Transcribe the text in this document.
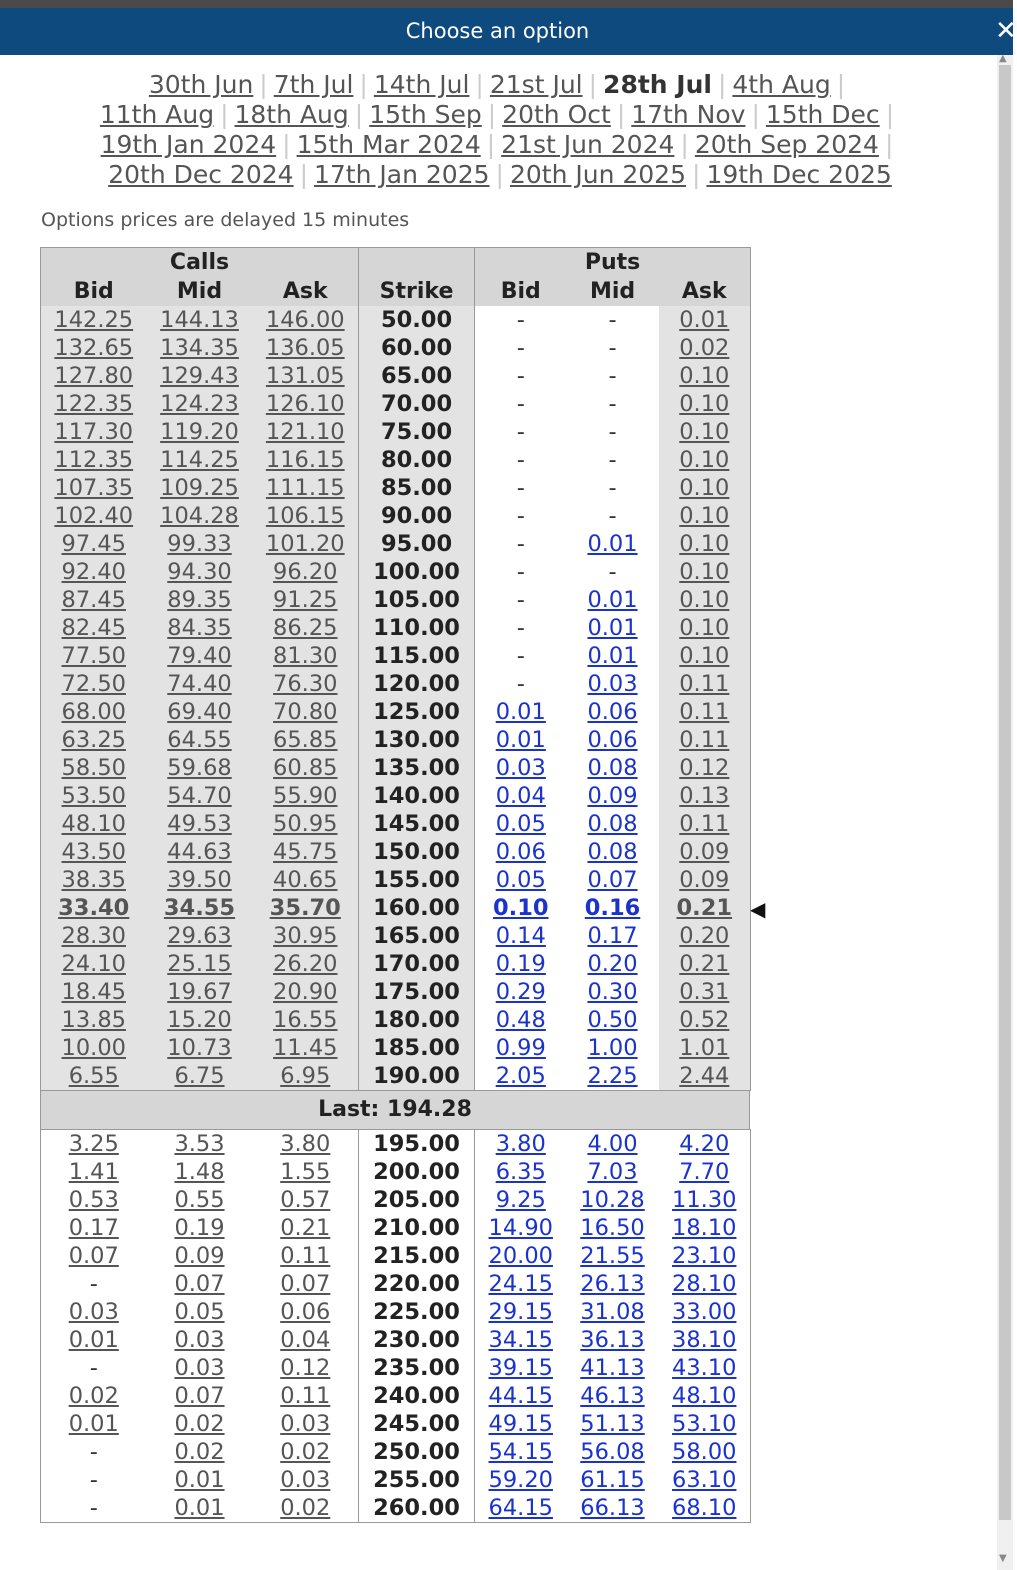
Choose an option	✕
▲
▼
30th Jun | 7th Jul | 14th Jul | 21st Jul | 28th Jul | 4th Aug |
11th Aug | 18th Aug | 15th Sep | 20th Oct | 17th Nov | 15th Dec |
19th Jan 2024 | 15th Mar 2024 | 21st Jun 2024 | 20th Sep 2024 |
20th Dec 2024 | 17th Jan 2025 | 20th Jun 2025 | 19th Dec 2025
Options prices are delayed 15 minutes
Calls				Puts		
Bid	Mid	Ask	Strike	Bid	Mid	Ask
142.25	144.13	146.00	50.00	-	-	0.01
132.65	134.35	136.05	60.00	-	-	0.02
127.80	129.43	131.05	65.00	-	-	0.10
122.35	124.23	126.10	70.00	-	-	0.10
117.30	119.20	121.10	75.00	-	-	0.10
112.35	114.25	116.15	80.00	-	-	0.10
107.35	109.25	111.15	85.00	-	-	0.10
102.40	104.28	106.15	90.00	-	-	0.10
97.45	99.33	101.20	95.00	-	0.01	0.10
92.40	94.30	96.20	100.00	-	-	0.10
87.45	89.35	91.25	105.00	-	0.01	0.10
82.45	84.35	86.25	110.00	-	0.01	0.10
77.50	79.40	81.30	115.00	-	0.01	0.10
72.50	74.40	76.30	120.00	-	0.03	0.11
68.00	69.40	70.80	125.00	0.01	0.06	0.11
63.25	64.55	65.85	130.00	0.01	0.06	0.11
58.50	59.68	60.85	135.00	0.03	0.08	0.12
53.50	54.70	55.90	140.00	0.04	0.09	0.13
48.10	49.53	50.95	145.00	0.05	0.08	0.11
43.50	44.63	45.75	150.00	0.06	0.08	0.09
38.35	39.50	40.65	155.00	0.05	0.07	0.09
33.40	34.55	35.70	160.00	0.10	0.16	0.21
28.30	29.63	30.95	165.00	0.14	0.17	0.20
24.10	25.15	26.20	170.00	0.19	0.20	0.21
18.45	19.67	20.90	175.00	0.29	0.30	0.31
13.85	15.20	16.55	180.00	0.48	0.50	0.52
10.00	10.73	11.45	185.00	0.99	1.00	1.01
6.55	6.75	6.95	190.00	2.05	2.25	2.44
Last: 194.28
3.25	3.53	3.80	195.00	3.80	4.00	4.20
1.41	1.48	1.55	200.00	6.35	7.03	7.70
0.53	0.55	0.57	205.00	9.25	10.28	11.30
0.17	0.19	0.21	210.00	14.90	16.50	18.10
0.07	0.09	0.11	215.00	20.00	21.55	23.10
-	0.07	0.07	220.00	24.15	26.13	28.10
0.03	0.05	0.06	225.00	29.15	31.08	33.00
0.01	0.03	0.04	230.00	34.15	36.13	38.10
-	0.03	0.12	235.00	39.15	41.13	43.10
0.02	0.07	0.11	240.00	44.15	46.13	48.10
0.01	0.02	0.03	245.00	49.15	51.13	53.10
-	0.02	0.02	250.00	54.15	56.08	58.00
-	0.01	0.03	255.00	59.20	61.15	63.10
-	0.01	0.02	260.00	64.15	66.13	68.10
◀
